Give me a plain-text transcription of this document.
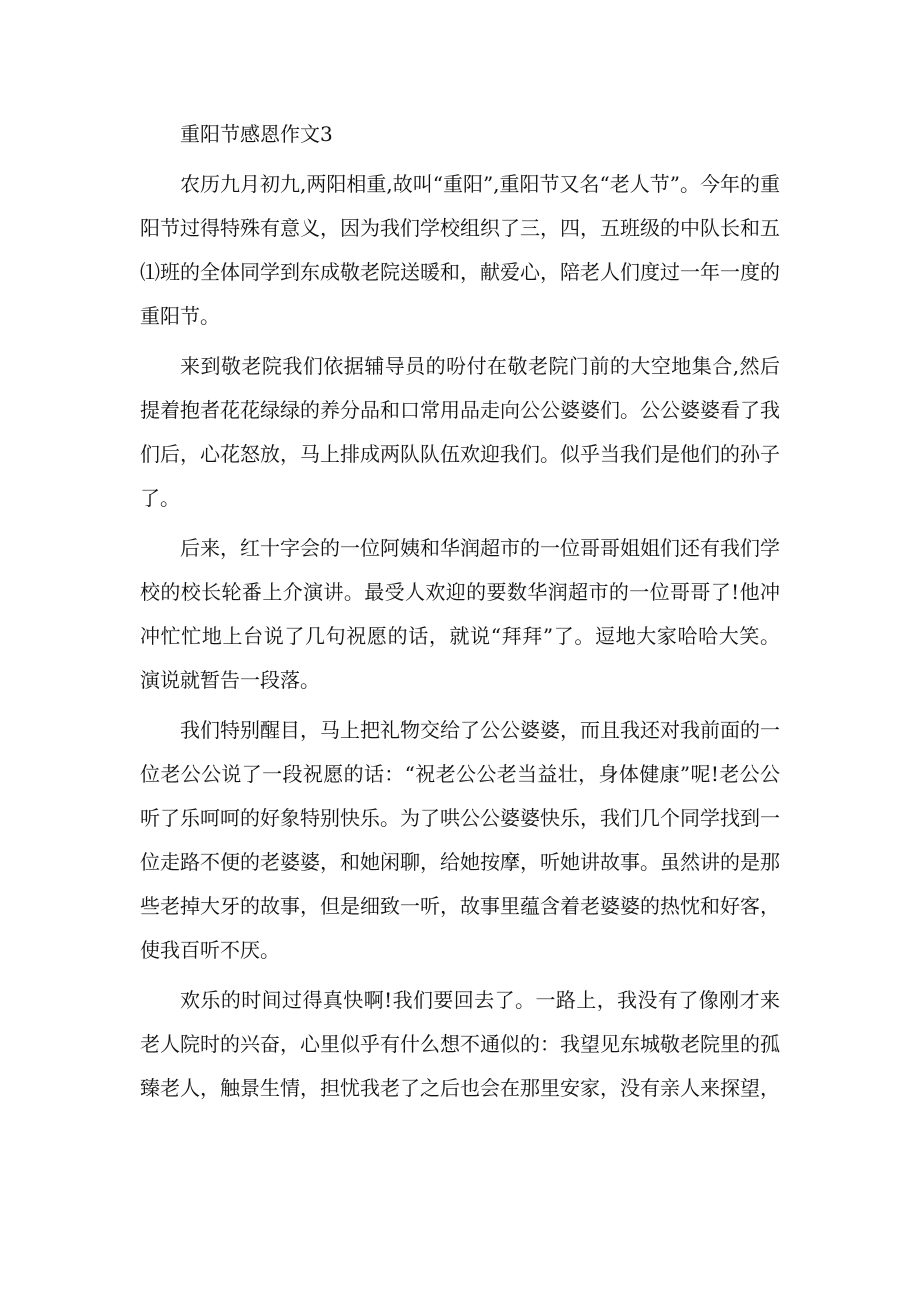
重阳节感恩作文3

农历九月初九,两阳相重,故叫“重阳”,重阳节又名“老人节”。今年的重阳节过得特殊有意义，因为我们学校组织了三，四，五班级的中队长和五⑴班的全体同学到东成敬老院送暖和，献爱心，陪老人们度过一年一度的重阳节。

来到敬老院我们依据辅导员的吩付在敬老院门前的大空地集合,然后提着抱者花花绿绿的养分品和口常用品走向公公婆婆们。公公婆婆看了我们后，心花怒放，马上排成两队队伍欢迎我们。似乎当我们是他们的孙子了。

后来，红十字会的一位阿姨和华润超市的一位哥哥姐姐们还有我们学校的校长轮番上介演讲。最受人欢迎的要数华润超市的一位哥哥了!他冲冲忙忙地上台说了几句祝愿的话，就说“拜拜”了。逗地大家哈哈大笑。演说就暂告一段落。

我们特别醒目，马上把礼物交给了公公婆婆，而且我还对我前面的一位老公公说了一段祝愿的话：“祝老公公老当益壮，身体健康”呢!老公公听了乐呵呵的好象特别快乐。为了哄公公婆婆快乐，我们几个同学找到一位走路不便的老婆婆，和她闲聊，给她按摩，听她讲故事。虽然讲的是那些老掉大牙的故事，但是细致一听，故事里蕴含着老婆婆的热忱和好客，使我百听不厌。

欢乐的时间过得真快啊!我们要回去了。一路上，我没有了像刚才来老人院时的兴奋，心里似乎有什么想不通似的：我望见东城敬老院里的孤臻老人，触景生情，担忧我老了之后也会在那里安家，没有亲人来探望，
